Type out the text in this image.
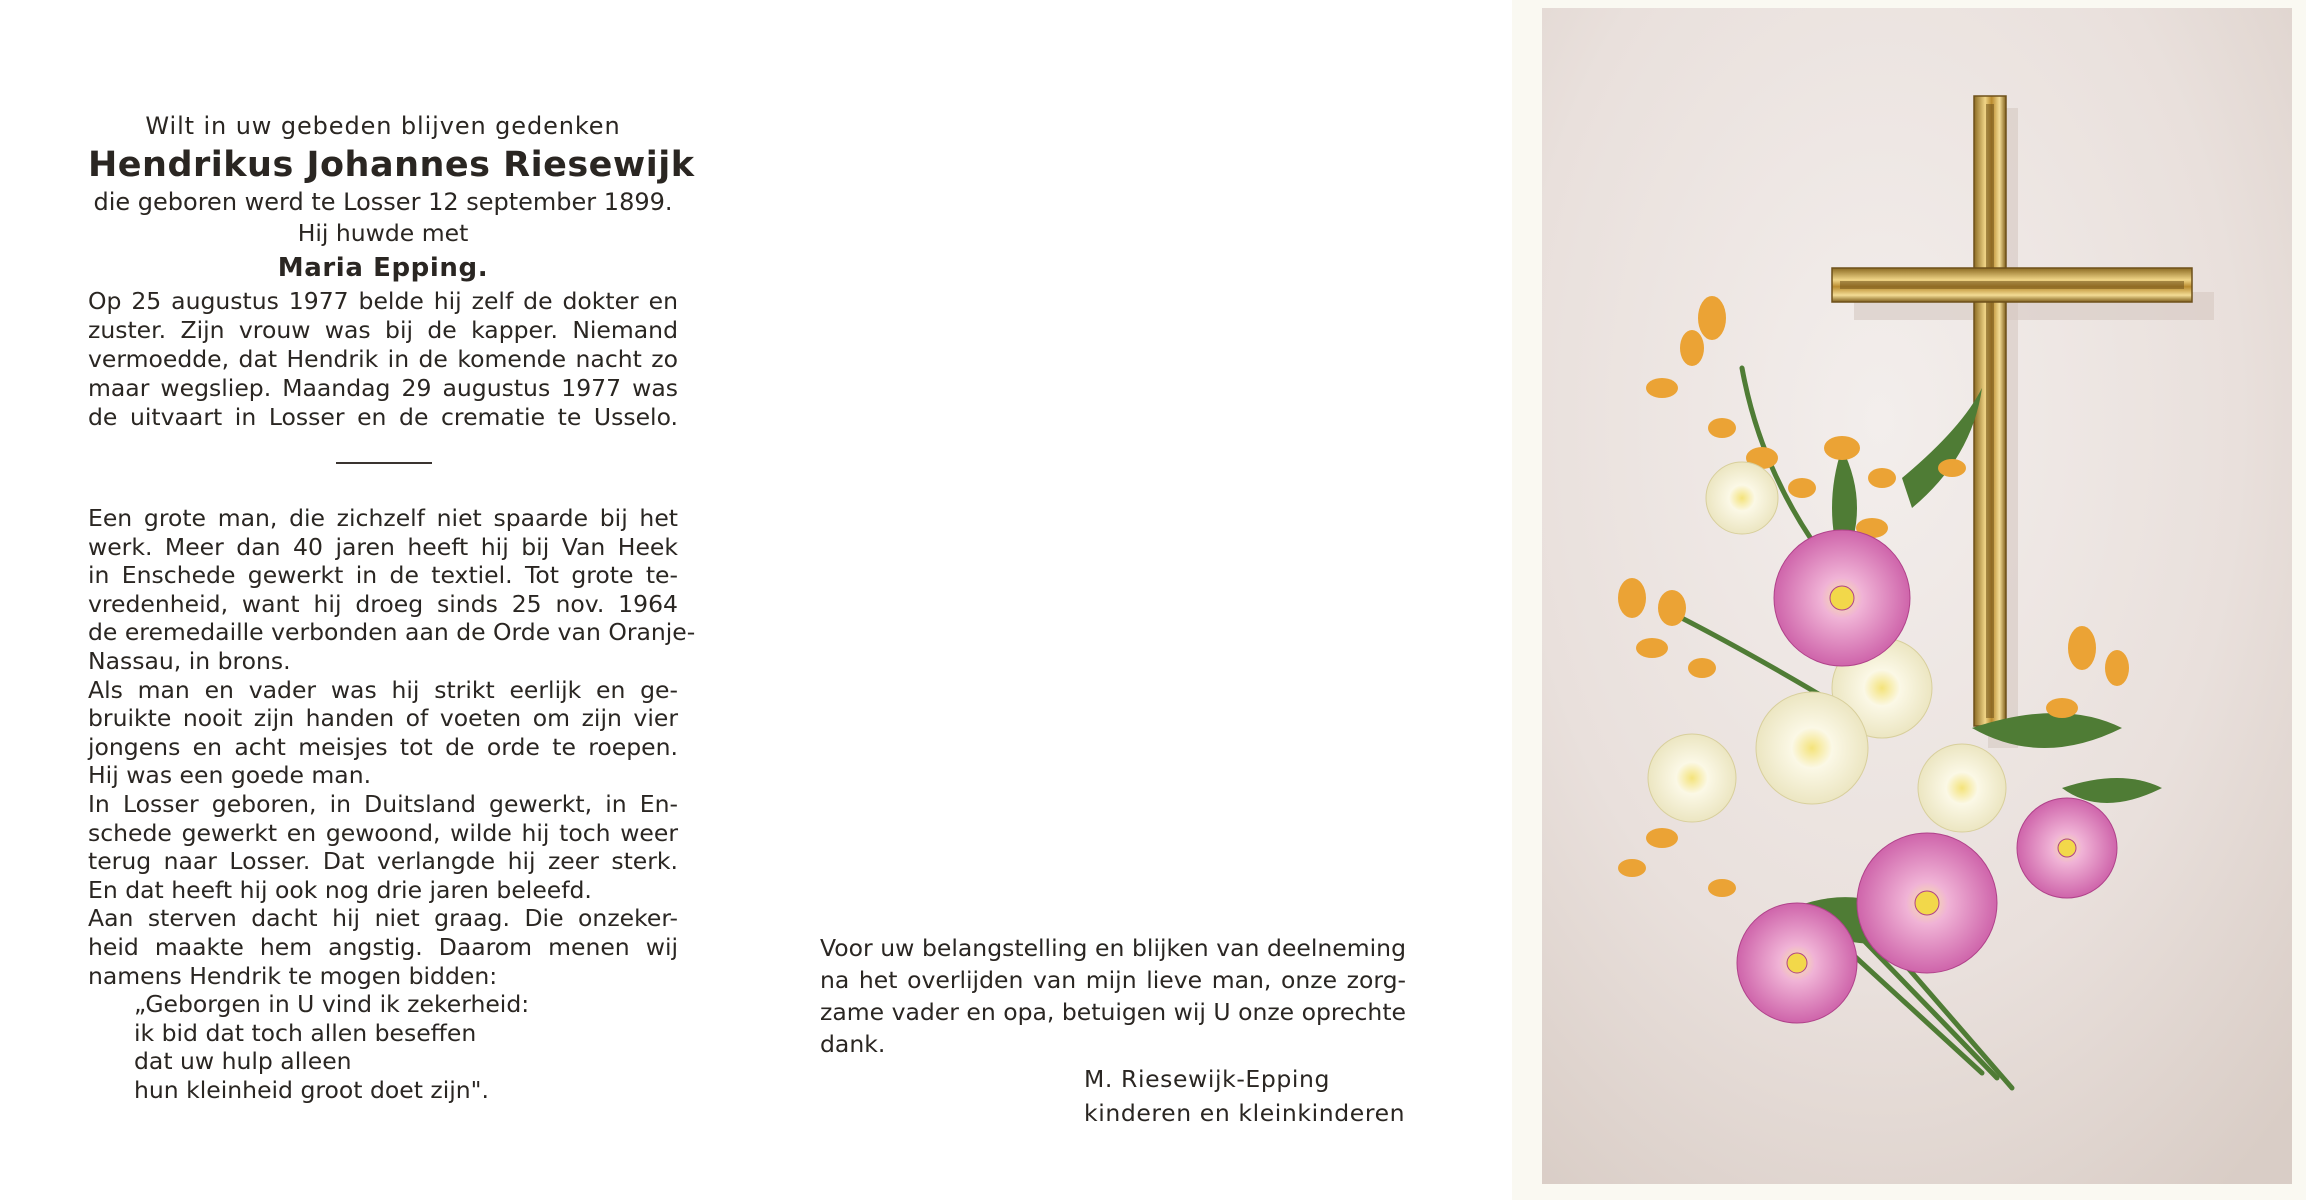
Wilt in uw gebeden blijven gedenken
Hendrikus Johannes Riesewijk
die geboren werd te Losser 12 september 1899.
Hij huwde met
Maria Epping.
Op 25 augustus 1977 belde hij zelf de dokter en
zuster. Zijn vrouw was bij de kapper. Niemand
vermoedde, dat Hendrik in de komende nacht zo
maar wegsliep. Maandag 29 augustus 1977 was
de uitvaart in Losser en de crematie te Usselo.
Een grote man, die zichzelf niet spaarde bij het
werk. Meer dan 40 jaren heeft hij bij Van Heek
in Enschede gewerkt in de textiel. Tot grote te-
vredenheid, want hij droeg sinds 25 nov. 1964
de eremedaille verbonden aan de Orde van Oranje-
Nassau, in brons.
Als man en vader was hij strikt eerlijk en ge-
bruikte nooit zijn handen of voeten om zijn vier
jongens en acht meisjes tot de orde te roepen.
Hij was een goede man.
In Losser geboren, in Duitsland gewerkt, in En-
schede gewerkt en gewoond, wilde hij toch weer
terug naar Losser. Dat verlangde hij zeer sterk.
En dat heeft hij ook nog drie jaren beleefd.
Aan sterven dacht hij niet graag. Die onzeker-
heid maakte hem angstig. Daarom menen wij
namens Hendrik te mogen bidden:
„Geborgen in U vind ik zekerheid:
ik bid dat toch allen beseffen
dat uw hulp alleen
hun kleinheid groot doet zijn".
Voor uw belangstelling en blijken van deelneming
na het overlijden van mijn lieve man, onze zorg-
zame vader en opa, betuigen wij U onze oprechte
dank.
M. Riesewijk-Epping
kinderen en kleinkinderen
